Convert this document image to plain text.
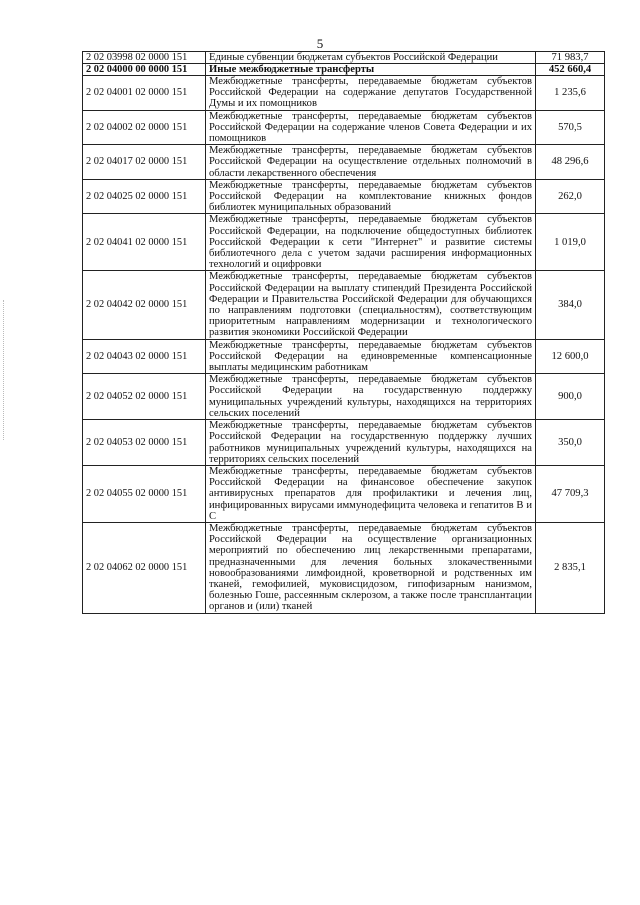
5
2 02 03998 02 0000 151	Единые субвенции бюджетам субъектов Российской Федерации	71 983,7
2 02 04000 00 0000 151	Иные межбюджетные трансферты	452 660,4
2 02 04001 02 0000 151	Межбюджетные трансферты, передаваемые бюджетам субъектов Российской Федерации на содержание депутатов Государственной Думы и их помощников	1 235,6
2 02 04002 02 0000 151	Межбюджетные трансферты, передаваемые бюджетам субъектов Российской Федерации на содержание членов Совета Федерации и их помощников	570,5
2 02 04017 02 0000 151	Межбюджетные трансферты, передаваемые бюджетам субъектов Российской Федерации на осуществление отдельных полномочий в области лекарственного обеспечения	48 296,6
2 02 04025 02 0000 151	Межбюджетные трансферты, передаваемые бюджетам субъектов Российской Федерации на комплектование книжных фондов библиотек муниципальных образований	262,0
2 02 04041 02 0000 151	Межбюджетные трансферты, передаваемые бюджетам субъектов Российской Федерации, на подключение общедоступных библиотек Российской Федерации к сети "Интернет" и развитие системы библиотечного дела с учетом задачи расширения информационных технологий и оцифровки	1 019,0
2 02 04042 02 0000 151	Межбюджетные трансферты, передаваемые бюджетам субъектов Российской Федерации на выплату стипендий Президента Российской Федерации и Правительства Российской Федерации для обучающихся по направлениям подготовки (специальностям), соответствующим приоритетным направлениям модернизации и технологического развития экономики Российской Федерации	384,0
2 02 04043 02 0000 151	Межбюджетные трансферты, передаваемые бюджетам субъектов Российской Федерации на единовременные компенсационные выплаты медицинским работникам	12 600,0
2 02 04052 02 0000 151	Межбюджетные трансферты, передаваемые бюджетам субъектов Российской Федерации на государственную поддержку муниципальных учреждений культуры, находящихся на территориях сельских поселений	900,0
2 02 04053 02 0000 151	Межбюджетные трансферты, передаваемые бюджетам субъектов Российской Федерации на государственную поддержку лучших работников муниципальных учреждений культуры, находящихся на территориях сельских поселений	350,0
2 02 04055 02 0000 151	Межбюджетные трансферты, передаваемые бюджетам субъектов Российской Федерации на финансовое обеспечение закупок антивирусных препаратов для профилактики и лечения лиц, инфицированных вирусами иммунодефицита человека и гепатитов В и С	47 709,3
2 02 04062 02 0000 151	Межбюджетные трансферты, передаваемые бюджетам субъектов Российской Федерации на осуществление организационных мероприятий по обеспечению лиц лекарственными препаратами, предназначенными для лечения больных злокачественными новообразованиями лимфоидной, кроветворной и родственных им тканей, гемофилией, муковисцидозом, гипофизарным нанизмом, болезнью Гоше, рассеянным склерозом, а также после трансплантации органов и (или) тканей	2 835,1
